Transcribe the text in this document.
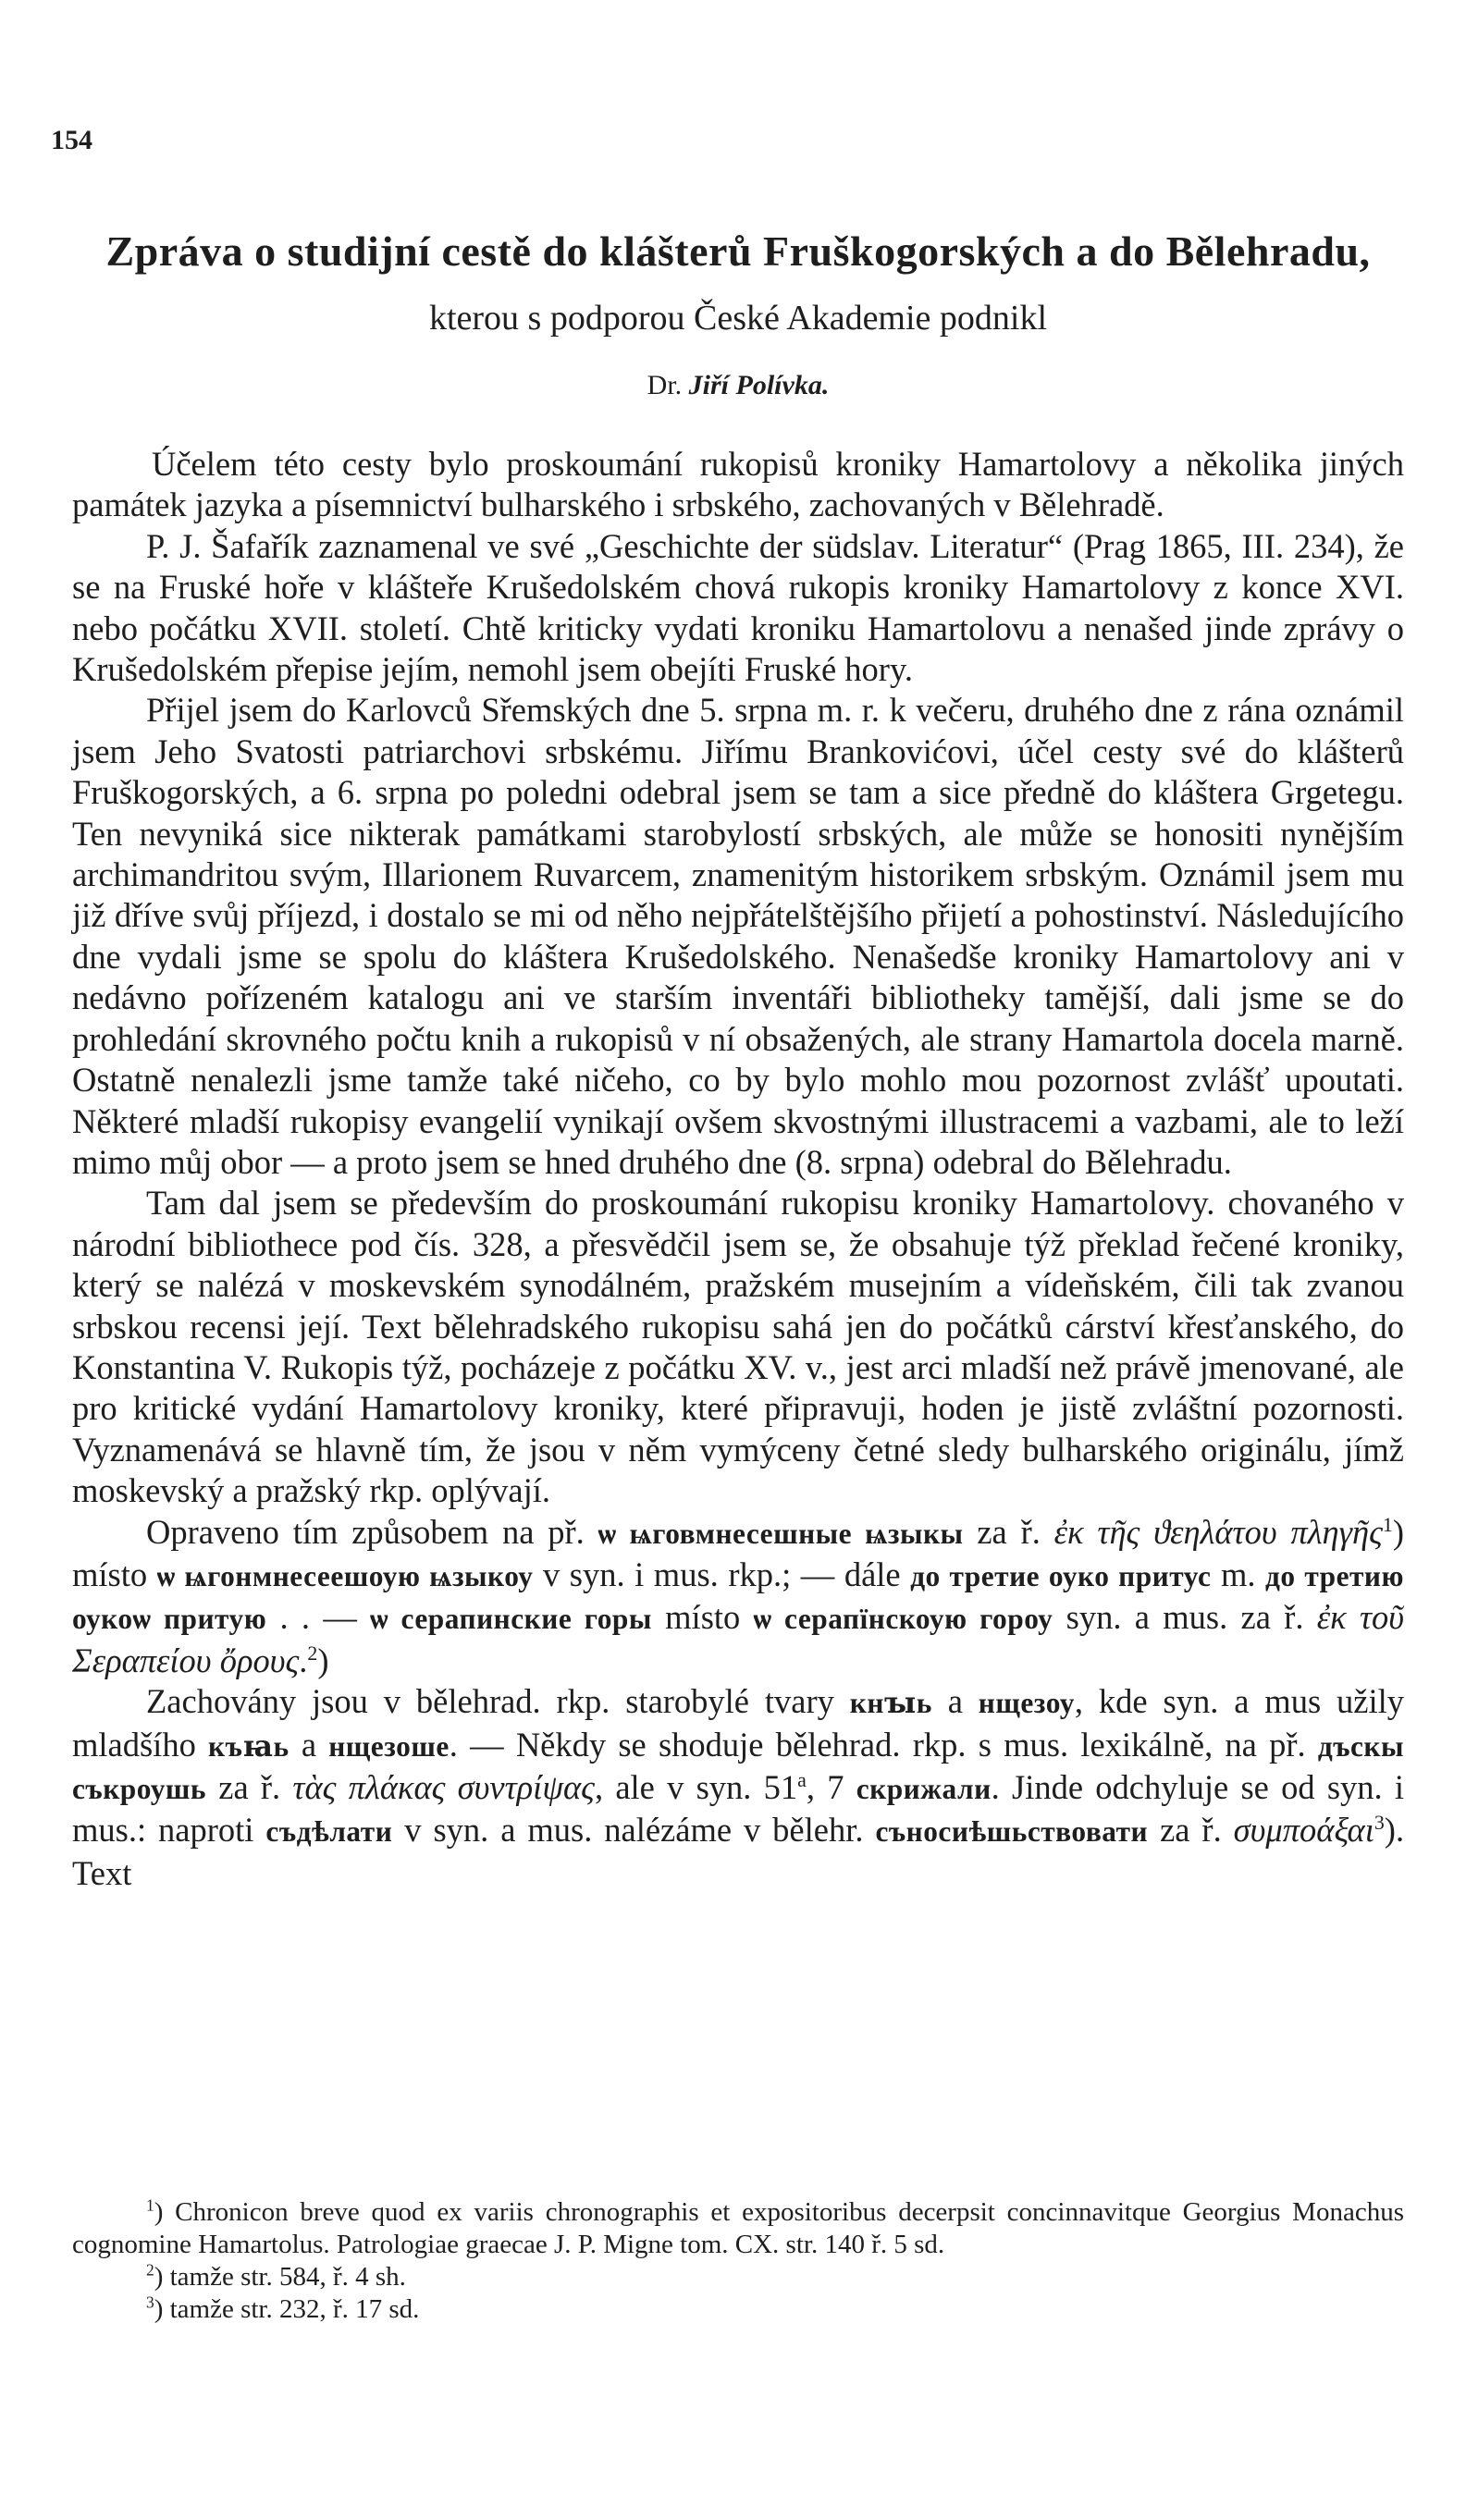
154
Zpráva o studijní cestě do klášterů Fruškogorských a do Bělehradu,
kterou s podporou České Akademie podnikl
Dr. Jiří Polívka.

Účelem této cesty bylo proskoumání rukopisů kroniky Hamartolovy a několika jiných památek jazyka a písemnictví bulharského i srbského, zachovaných v Bělehradě.

P. J. Šafařík zaznamenal ve své „Geschichte der südslav. Literatur“ (Prag 1865, III. 234), že se na Fruské hoře v klášteře Krušedolském chová rukopis kroniky Hamartolovy z konce XVI. nebo počátku XVII. století. Chtě kriticky vydati kroniku Hamartolovu a nenašed jinde zprávy o Krušedolském přepise jejím, nemohl jsem obejíti Fruské hory.

Přijel jsem do Karlovců Sřemských dne 5. srpna m. r. k večeru, druhého dne z rána oznámil jsem Jeho Svatosti patriarchovi srbskému. Jiřímu Brankovićovi, účel cesty své do klášterů Fruškogorských, a 6. srpna po poledni odebral jsem se tam a sice předně do kláštera Grgetegu. Ten nevyniká sice nikterak památkami starobylostí srbských, ale může se honositi nynějším archimandritou svým, Illarionem Ruvarcem, znamenitým historikem srbským. Oznámil jsem mu již dříve svůj příjezd, i dostalo se mi od něho nejpřátelštějšího přijetí a pohostinství. Následujícího dne vydali jsme se spolu do kláštera Krušedolského. Nenašedše kroniky Hamartolovy ani v nedávno pořízeném katalogu ani ve starším inventáři bibliotheky tamější, dali jsme se do prohledání skrovného počtu knih a rukopisů v ní obsažených, ale strany Hamartola docela marně. Ostatně nenalezli jsme tamže také ničeho, co by bylo mohlo mou pozornost zvlášť upoutati. Některé mladší rukopisy evangelií vynikají ovšem skvostnými illustracemi a vazbami, ale to leží mimo můj obor — a proto jsem se hned druhého dne (8. srpna) odebral do Bělehradu.

Tam dal jsem se především do proskoumání rukopisu kroniky Hamartolovy. chovaného v národní bibliothece pod čís. 328, a přesvědčil jsem se, že obsahuje týž překlad řečené kroniky, který se nalézá v moskevském synodálném, pražském musejním a vídeňském, čili tak zvanou srbskou recensi její. Text bělehradského rukopisu sahá jen do počátků cárství křesťanského, do Konstantina V. Rukopis týž, pocházeje z počátku XV. v., jest arci mladší než právě jmenované, ale pro kritické vydání Hamartolovy kroniky, které připravuji, hoden je jistě zvláštní pozornosti. Vyznamenává se hlavně tím, že jsou v něm vymýceny četné sledy bulharského originálu, jímž moskevský a pražský rkp. oplývají.

Opraveno tím způsobem na př. ѡ ѩговмнесешные ѩзыкы za ř. ἐκ τῆς ϑεηλάτου πληγῆς$^1$) místo ѡ ѩгонмнесеешоую ѩзыкоу v syn. i mus. rkp.; — dále до третие оуко притус m. до третию оукоѡ притую . . — ѡ серапинские горы místo ѡ серапїнскоую гороу syn. a mus. za ř. ἐκ τοῦ Σεραπείου ὄρους.$^2$)

Zachovány jsou v bělehrad. rkp. starobylé tvary кнꙑь a нщезоу, kde syn. a mus užily mladšího къꙗь a нщезоше. — Někdy se shoduje bělehrad. rkp. s mus. lexikálně, na př. дъскы съкроушь za ř. τὰς πλάκας συντρίψας, ale v syn. 51$^a$, 7 скрижали. Jinde odchyluje se od syn. i mus.: naproti съдѣлати v syn. a mus. nalézáme v bělehr. съносиѣшьствовати za ř. συμποάξαι$^3$). Text

$^1$) Chronicon breve quod ex variis chronographis et expositoribus decerpsit concinnavitque Georgius Monachus cognomine Hamartolus. Patrologiae graecae J. P. Migne tom. CX. str. 140 ř. 5 sd.

$^2$) tamže str. 584, ř. 4 sh.

$^3$) tamže str. 232, ř. 17 sd.
